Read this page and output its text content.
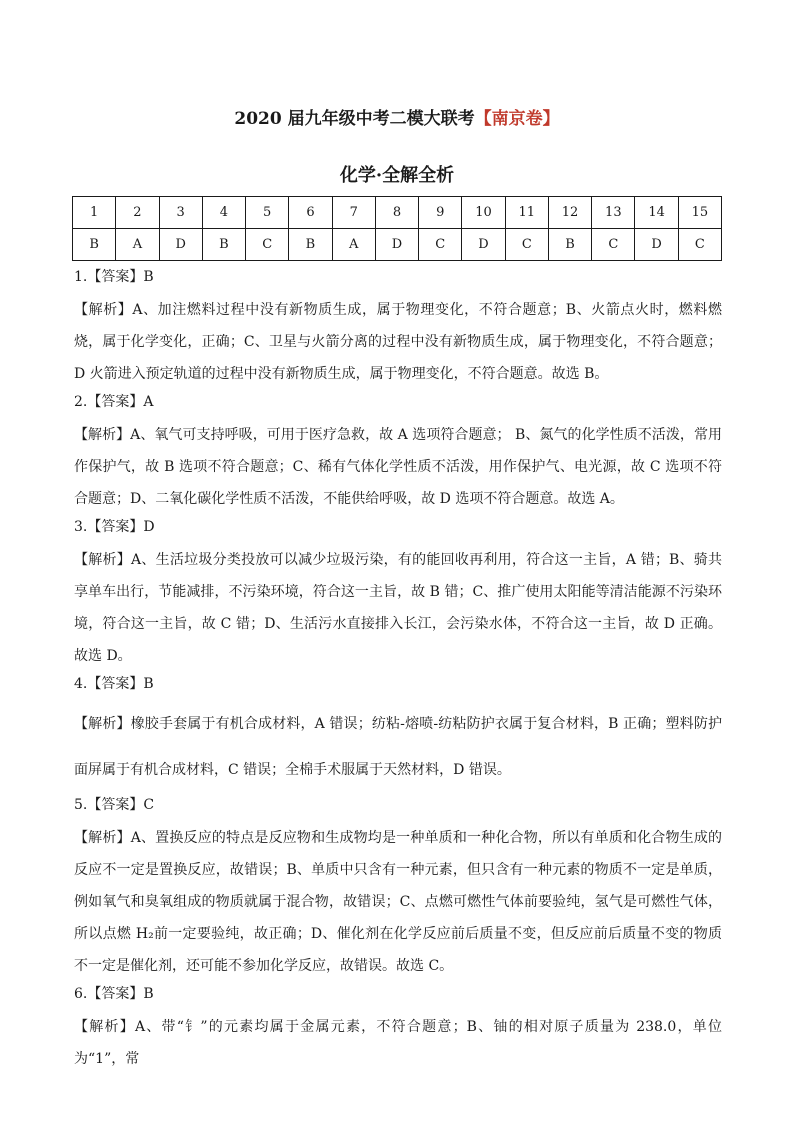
2020 届九年级中考二模大联考【南京卷】
化学·全解全析
1	2	3	4	5	6	7	8	9	10	11	12	13	14	15
B	A	D	B	C	B	A	D	C	D	C	B	C	D	C
1.【答案】B
【解析】A、加注燃料过程中没有新物质生成，属于物理变化，不符合题意；B、火箭点火时，燃料燃烧，属于化学变化，正确；C、卫星与火箭分离的过程中没有新物质生成，属于物理变化，不符合题意；D 火箭进入预定轨道的过程中没有新物质生成，属于物理变化，不符合题意。故选 B。
2.【答案】A
【解析】A、氧气可支持呼吸，可用于医疗急救，故 A 选项符合题意； B、氮气的化学性质不活泼，常用作保护气，故 B 选项不符合题意；C、稀有气体化学性质不活泼，用作保护气、电光源，故 C 选项不符合题意；D、二氧化碳化学性质不活泼，不能供给呼吸，故 D 选项不符合题意。故选 A。
3.【答案】D
【解析】A、生活垃圾分类投放可以减少垃圾污染，有的能回收再利用，符合这一主旨，A 错；B、骑共享单车出行，节能减排，不污染环境，符合这一主旨，故 B 错；C、推广使用太阳能等清洁能源不污染环境，符合这一主旨，故 C 错；D、生活污水直接排入长江，会污染水体，不符合这一主旨，故 D 正确。故选 D。
4.【答案】B
【解析】橡胶手套属于有机合成材料，A 错误；纺粘-熔喷-纺粘防护衣属于复合材料，B 正确；塑料防护面屏属于有机合成材料，C 错误；全棉手术服属于天然材料，D 错误。
5.【答案】C
【解析】A、置换反应的特点是反应物和生成物均是一种单质和一种化合物，所以有单质和化合物生成的反应不一定是置换反应，故错误；B、单质中只含有一种元素，但只含有一种元素的物质不一定是单质，例如氧气和臭氧组成的物质就属于混合物，故错误；C、点燃可燃性气体前要验纯，氢气是可燃性气体，所以点燃 H₂前一定要验纯，故正确；D、催化剂在化学反应前后质量不变，但反应前后质量不变的物质不一定是催化剂，还可能不参加化学反应，故错误。故选 C。
6.【答案】B
【解析】A、带“钅”的元素均属于金属元素，不符合题意；B、铀的相对原子质量为 238.0，单位为“1”，常
